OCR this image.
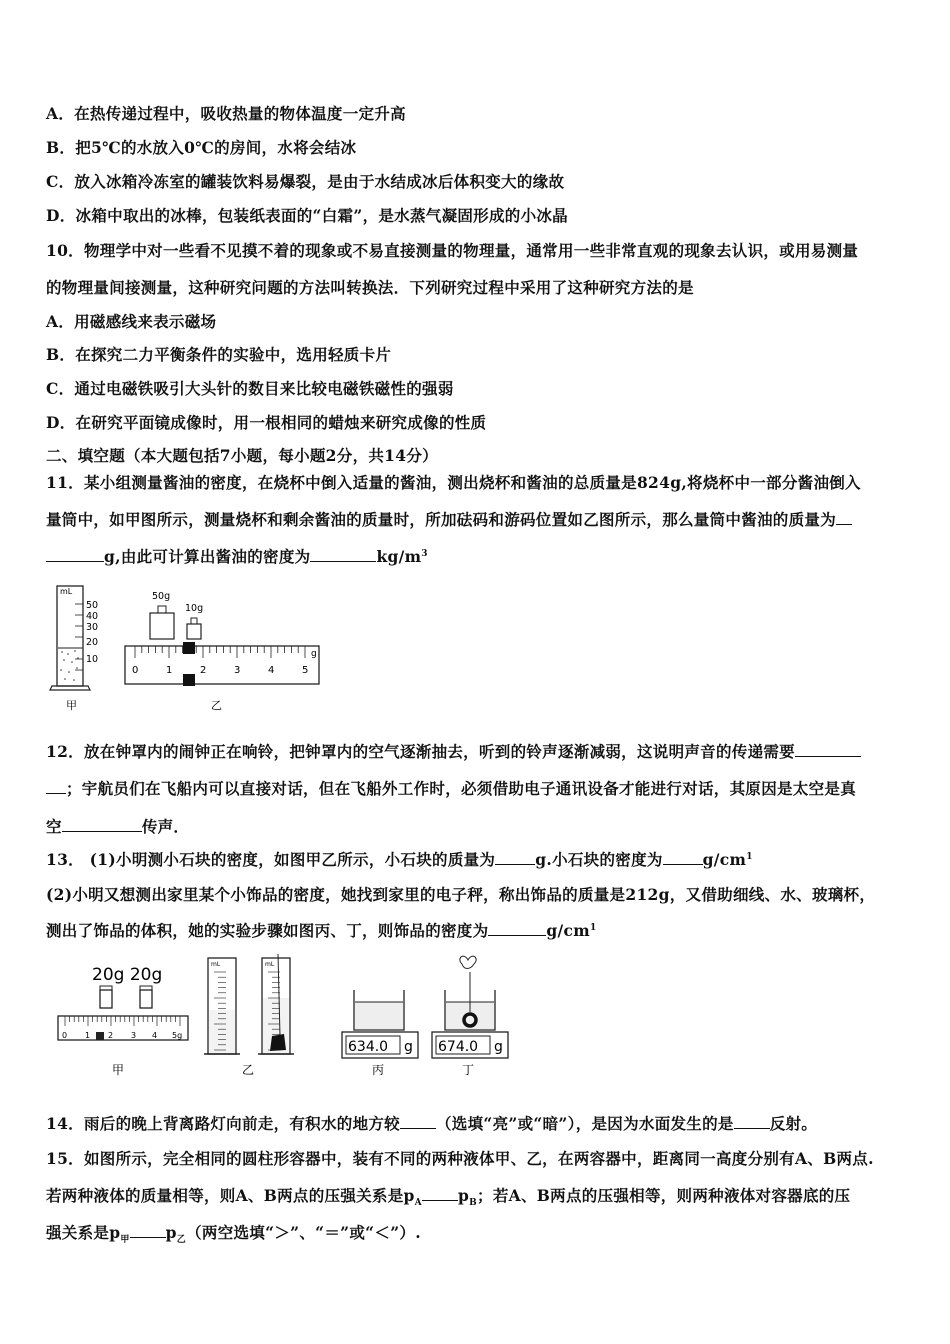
A．在热传递过程中，吸收热量的物体温度一定升高
B．把5℃的水放入0℃的房间，水将会结冰
C．放入冰箱冷冻室的罐装饮料易爆裂，是由于水结成冰后体积变大的缘故
D．冰箱中取出的冰棒，包装纸表面的“白霜”，是水蒸气凝固形成的小冰晶
10．物理学中对一些看不见摸不着的现象或不易直接测量的物理量，通常用一些非常直观的现象去认识，或用易测量
的物理量间接测量，这种研究问题的方法叫转换法．下列研究过程中采用了这种研究方法的是
A．用磁感线来表示磁场
B．在探究二力平衡条件的实验中，选用轻质卡片
C．通过电磁铁吸引大头针的数目来比较电磁铁磁性的强弱
D．在研究平面镜成像时，用一根相同的蜡烛来研究成像的性质
二、填空题（本大题包括7小题，每小题2分，共14分）
11．某小组测量酱油的密度，在烧杯中倒入适量的酱油，测出烧杯和酱油的总质量是824g,将烧杯中一部分酱油倒入
量筒中，如甲图所示，测量烧杯和剩余酱油的质量时，所加砝码和游码位置如乙图所示，那么量筒中酱油的质量为
g,由此可计算出酱油的密度为	$kg/m^3$
mL
50
40
30
20
10
甲
50g
10g
0	1	2	3	4	5
g
乙
12．放在钟罩内的闹钟正在响铃，把钟罩内的空气逐渐抽去，听到的铃声逐渐减弱，这说明声音的传递需要
；宇航员们在飞船内可以直接对话，但在飞船外工作时，必须借助电子通讯设备才能进行对话，其原因是太空是真
空	传声．
13． (1)小明测小石块的密度，如图甲乙所示，小石块的质量为	g.小石块的密度为	$g/cm^1$
(2)小明又想测出家里某个小饰品的密度，她找到家里的电子秤，称出饰品的质量是212g，又借助细线、水、玻璃杯，
测出了饰品的体积，她的实验步骤如图丙、丁，则饰品的密度为	$g/cm^1$
20g 20g
0 1 2 3 4 5g
甲
mL	mL
乙
634.0 g
丙
674.0 g
丁
14．雨后的晚上背离路灯向前走，有积水的地方较 （选填“亮”或“暗”），是因为水面发生的是 反射。
15．如图所示，完全相同的圆柱形容器中，装有不同的两种液体甲、乙，在两容器中，距离同一高度分别有A、B两点.
若两种液体的质量相等，则A、B两点的压强关系是$p_A$ $p_B$；若A、B两点的压强相等，则两种液体对容器底的压
强关系是$p_甲$ $p_乙$（两空选填“＞”、“＝”或“＜”）.
